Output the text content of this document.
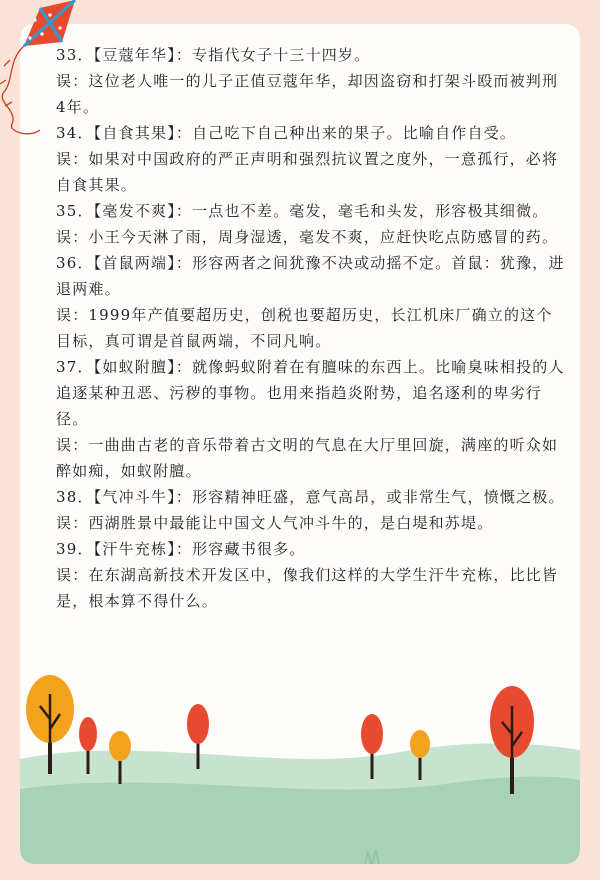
33．【豆蔻年华】：专指代女子十三十四岁。

误：这位老人唯一的儿子正值豆蔻年华，却因盗窃和打架斗殴而被判刑4年。

34．【自食其果】：自己吃下自己种出来的果子。比喻自作自受。

误：如果对中国政府的严正声明和强烈抗议置之度外，一意孤行，必将自食其果。

35．【毫发不爽】：一点也不差。毫发，毫毛和头发，形容极其细微。

误：小王今天淋了雨，周身湿透，毫发不爽，应赶快吃点防感冒的药。

36．【首鼠两端】：形容两者之间犹豫不决或动摇不定。首鼠：犹豫，进退两难。

误：1999年产值要超历史，创税也要超历史，长江机床厂确立的这个目标，真可谓是首鼠两端，不同凡响。

37．【如蚁附膻】：就像蚂蚁附着在有膻味的东西上。比喻臭味相投的人追逐某种丑恶、污秽的事物。也用来指趋炎附势，追名逐利的卑劣行径。

误：一曲曲古老的音乐带着古文明的气息在大厅里回旋，满座的听众如醉如痴，如蚁附膻。

38．【气冲斗牛】：形容精神旺盛，意气高昂，或非常生气，愤慨之极。

误：西湖胜景中最能让中国文人气冲斗牛的，是白堤和苏堤。

39．【汗牛充栋】：形容藏书很多。

误：在东湖高新技术开发区中，像我们这样的大学生汗牛充栋，比比皆是，根本算不得什么。
